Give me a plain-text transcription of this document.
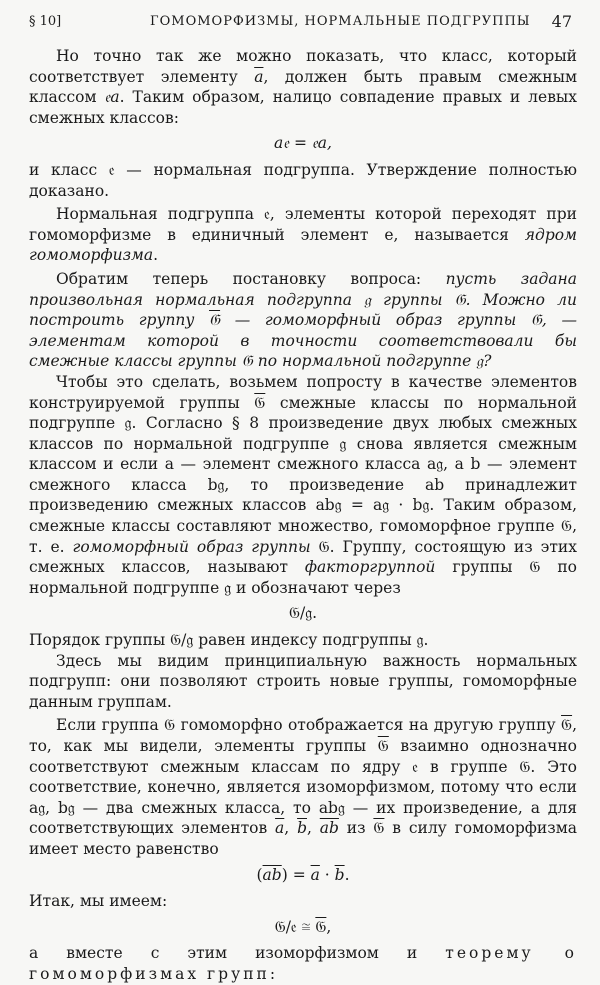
§ 10]	ГОМОМОРФИЗМЫ, НОРМАЛЬНЫЕ ПОДГРУППЫ 47

Но точно так же можно показать, что класс, который соответствует элементу $\overline{a}$, должен быть правым смежным классом 𝔢a. Таким образом, налицо совпадение правых и левых смежных классов:

a𝔢 = 𝔢a,

и класс 𝔢 — нормальная подгруппа. Утверждение полностью доказано.

Нормальная подгруппа 𝔢, элементы которой переходят при гомоморфизме в единичный элемент e, называется ядром гомоморфизма.

Обратим теперь постановку вопроса: пусть задана произвольная нормальная подгруппа 𝔤 группы 𝔊. Можно ли построить группу 𝔊 — гомоморфный образ группы 𝔊, — элементам которой в точности соответствовали бы смежные классы группы 𝔊 по нормальной подгруппе 𝔤?

Чтобы это сделать, возьмем попросту в качестве элементов конструируемой группы 𝔊 смежные классы по нормальной подгруппе 𝔤. Согласно § 8 произведение двух любых смежных классов по нормальной подгруппе 𝔤 снова является смежным классом и если a — элемент смежного класса a𝔤, a b — элемент смежного класса b𝔤, то произведение ab принадлежит произведению смежных классов ab𝔤 = a𝔤 · b𝔤. Таким образом, смежные классы составляют множество, гомоморфное группе 𝔊, т. е. гомоморфный образ группы 𝔊. Группу, состоящую из этих смежных классов, называют факторгруппой группы 𝔊 по нормальной подгруппе 𝔤 и обозначают через

𝔊/𝔤.

Порядок группы 𝔊/𝔤 равен индексу подгруппы 𝔤.

Здесь мы видим принципиальную важность нормальных подгрупп: они позволяют строить новые группы, гомоморфные данным группам.

Если группа 𝔊 гомоморфно отображается на другую группу 𝔊, то, как мы видели, элементы группы 𝔊 взаимно однозначно соответствуют смежным классам по ядру 𝔢 в группе 𝔊. Это соответствие, конечно, является изоморфизмом, потому что если a𝔤, b𝔤 — два смежных класса, то ab𝔤 — их произведение, а для соответствующих элементов $\overline{a}$, $\overline{b}$, $\overline{ab}$ из 𝔊 в силу гомоморфизма имеет место равенство

$(\overline{ab}) = \overline{a} \cdot \overline{b}$.

Итак, мы имеем:

𝔊/𝔢 ≅ 𝔊,

а вместе с этим изоморфизмом и теорему о гомоморфизмах групп:
